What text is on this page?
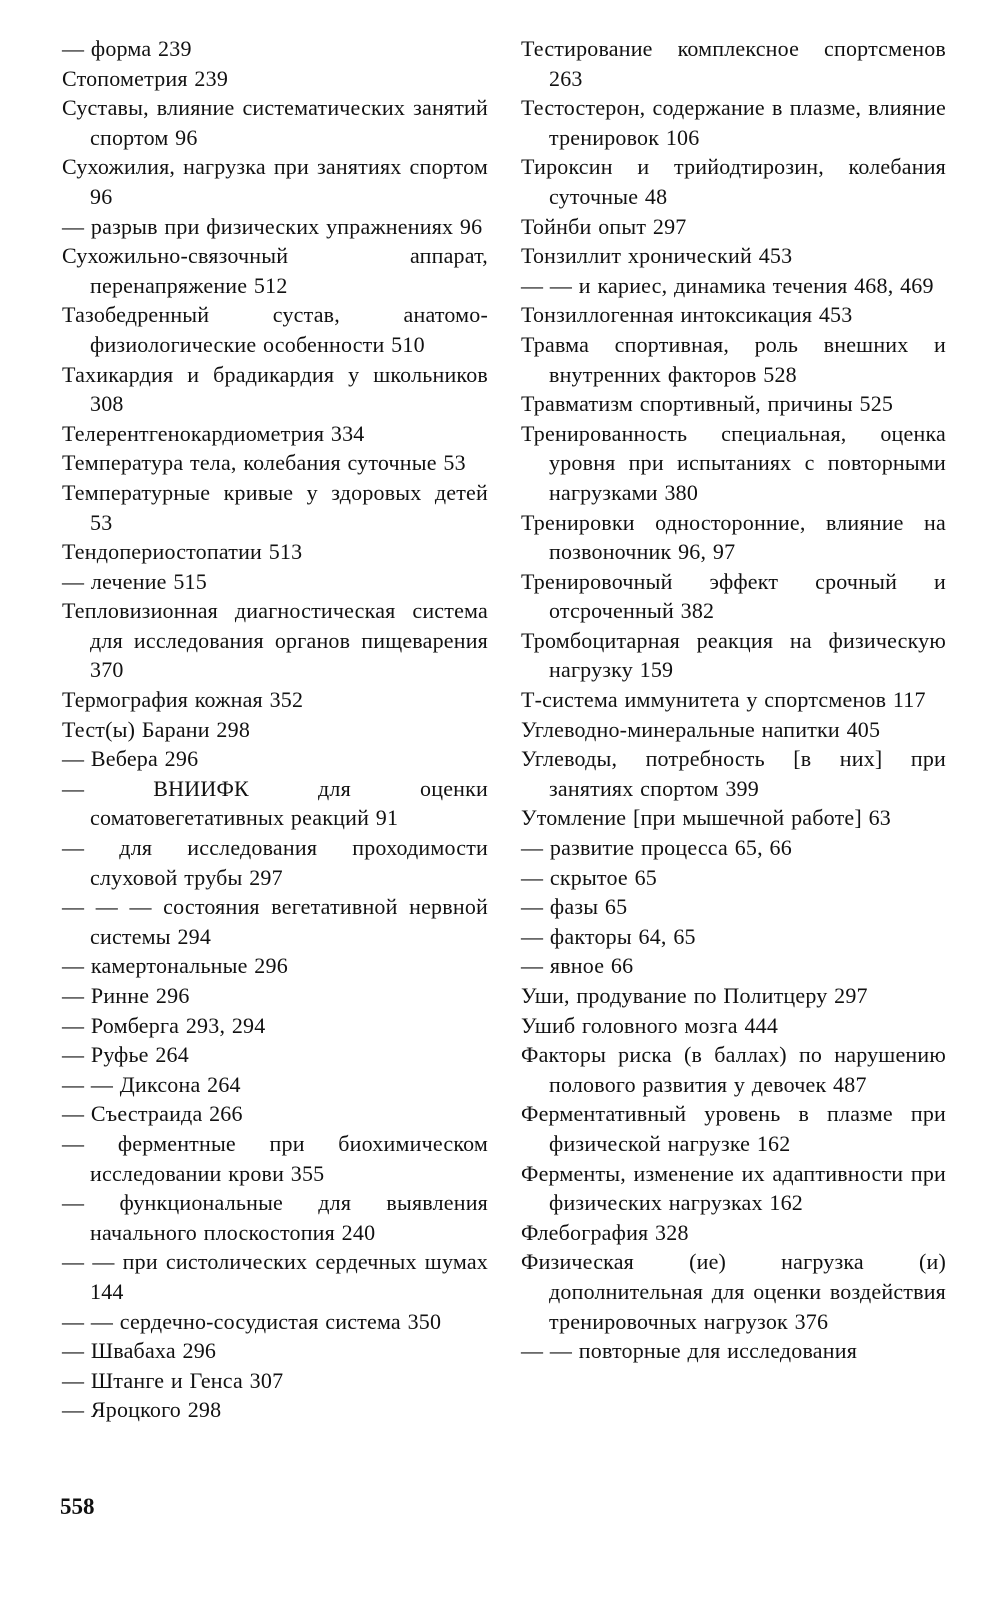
— форма 239
Стопометрия 239
Суставы, влияние систематических занятий спортом 96
Сухожилия, нагрузка при занятиях спортом 96
— разрыв при физических упражнениях 96
Сухожильно-связочный аппарат, перенапряжение 512
Тазобедренный сустав, анатомо-физиологические особенности 510
Тахикардия и брадикардия у школьников 308
Телерентгенокардиометрия 334
Температура тела, колебания суточные 53
Температурные кривые у здоровых детей 53
Тендопериостопатии 513
— лечение 515
Тепловизионная диагностическая система для исследования органов пищеварения 370
Термография кожная 352
Тест(ы) Барани 298
— Вебера 296
— ВНИИФК для оценки соматовегетативных реакций 91
— для исследования проходимости слуховой трубы 297
— — — состояния вегетативной нервной системы 294
— камертональные 296
— Ринне 296
— Ромберга 293, 294
— Руфье 264
— — Диксона 264
— Съестраида 266
— ферментные при биохимическом исследовании крови 355
— функциональные для выявления начального плоскостопия 240
— — при систолических сердечных шумах 144
— — сердечно-сосудистая система 350
— Швабаха 296
— Штанге и Генса 307
— Яроцкого 298
Тестирование комплексное спортсменов 263
Тестостерон, содержание в плазме, влияние тренировок 106
Тироксин и трийодтирозин, колебания суточные 48
Тойнби опыт 297
Тонзиллит хронический 453
— — и кариес, динамика течения 468, 469
Тонзиллогенная интоксикация 453
Травма спортивная, роль внешних и внутренних факторов 528
Травматизм спортивный, причины 525
Тренированность специальная, оценка уровня при испытаниях с повторными нагрузками 380
Тренировки односторонние, влияние на позвоночник 96, 97
Тренировочный эффект срочный и отсроченный 382
Тромбоцитарная реакция на физическую нагрузку 159
Т-система иммунитета у спортсменов 117
Углеводно-минеральные напитки 405
Углеводы, потребность [в них] при занятиях спортом 399
Утомление [при мышечной работе] 63
— развитие процесса 65, 66
— скрытое 65
— фазы 65
— факторы 64, 65
— явное 66
Уши, продувание по Политцеру 297
Ушиб головного мозга 444
Факторы риска (в баллах) по нарушению полового развития у девочек 487
Ферментативный уровень в плазме при физической нагрузке 162
Ферменты, изменение их адаптивности при физических нагрузках 162
Флебография 328
Физическая (ие) нагрузка (и) дополнительная для оценки воздействия тренировочных нагрузок 376
— — повторные для исследования
558
